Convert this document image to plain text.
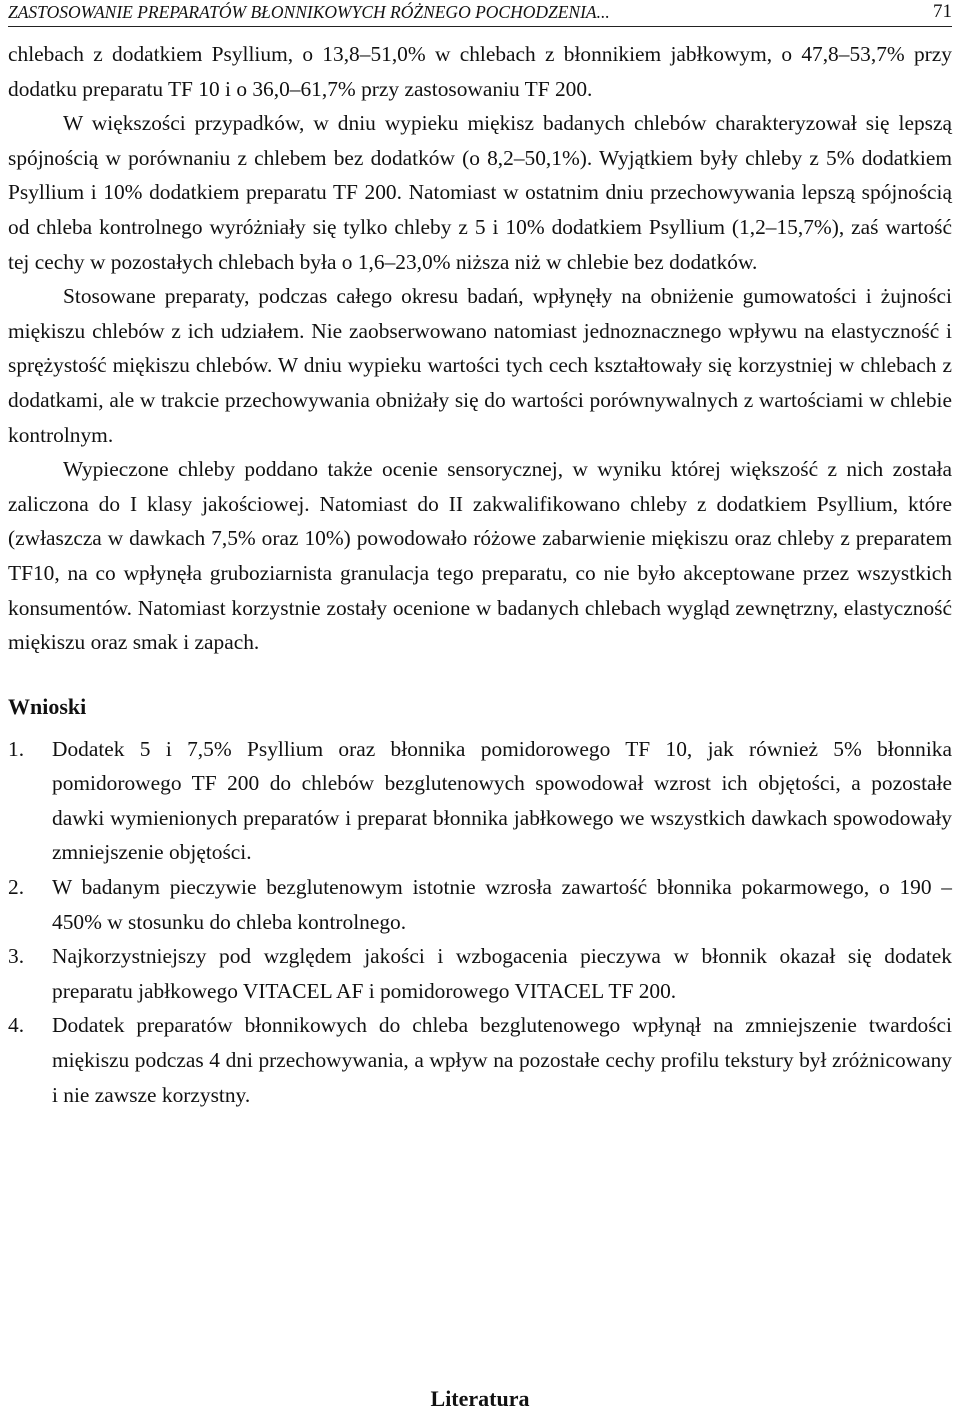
ZASTOSOWANIE PREPARATÓW BŁONNIKOWYCH RÓŻNEGO POCHODZENIA...	71

chlebach z dodatkiem Psyllium, o 13,8–51,0% w chlebach z błonnikiem jabłkowym, o 47,8–53,7% przy dodatku preparatu TF 10 i o 36,0–61,7% przy zastosowaniu TF 200.

W większości przypadków, w dniu wypieku miękisz badanych chlebów charakteryzował się lepszą spójnością w porównaniu z chlebem bez dodatków (o 8,2–50,1%). Wyjątkiem były chleby z 5% dodatkiem Psyllium i 10% dodatkiem preparatu TF 200. Natomiast w ostatnim dniu przechowywania lepszą spójnością od chleba kontrolnego wyróżniały się tylko chleby z 5 i 10% dodatkiem Psyllium (1,2–15,7%), zaś wartość tej cechy w pozostałych chlebach była o 1,6–23,0% niższa niż w chlebie bez dodatków.

Stosowane preparaty, podczas całego okresu badań, wpłynęły na obniżenie gumowatości i żujności miękiszu chlebów z ich udziałem. Nie zaobserwowano natomiast jednoznacznego wpływu na elastyczność i sprężystość miękiszu chlebów. W dniu wypieku wartości tych cech kształtowały się korzystniej w chlebach z dodatkami, ale w trakcie przechowywania obniżały się do wartości porównywalnych z wartościami w chlebie kontrolnym.

Wypieczone chleby poddano także ocenie sensorycznej, w wyniku której większość z nich została zaliczona do I klasy jakościowej. Natomiast do II zakwalifikowano chleby z dodatkiem Psyllium, które (zwłaszcza w dawkach 7,5% oraz 10%) powodowało różowe zabarwienie miękiszu oraz chleby z preparatem TF10, na co wpłynęła gruboziarnista granulacja tego preparatu, co nie było akceptowane przez wszystkich konsumentów. Natomiast korzystnie zostały ocenione w badanych chlebach wygląd zewnętrzny, elastyczność miękiszu oraz smak i zapach.

Wnioski
1. Dodatek 5 i 7,5% Psyllium oraz błonnika pomidorowego TF 10, jak również 5% błonnika pomidorowego TF 200 do chlebów bezglutenowych spowodował wzrost ich objętości, a pozostałe dawki wymienionych preparatów i preparat błonnika jabłkowego we wszystkich dawkach spowodowały zmniejszenie objętości.
2. W badanym pieczywie bezglutenowym istotnie wzrosła zawartość błonnika pokarmowego, o 190 – 450% w stosunku do chleba kontrolnego.
3. Najkorzystniejszy pod względem jakości i wzbogacenia pieczywa w błonnik okazał się dodatek preparatu jabłkowego VITACEL AF i pomidorowego VITACEL TF 200.
4. Dodatek preparatów błonnikowych do chleba bezglutenowego wpłynął na zmniejszenie twardości miękiszu podczas 4 dni przechowywania, a wpływ na pozostałe cechy profilu tekstury był zróżnicowany i nie zawsze korzystny.
Literatura
